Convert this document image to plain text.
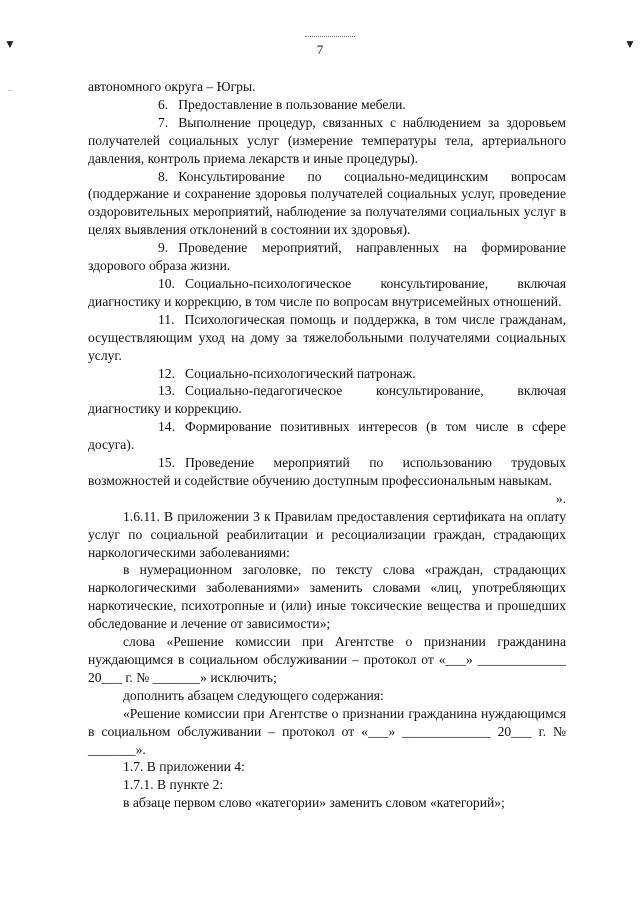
▼	▼
7

автономного округа – Югры.

6. Предоставление в пользование мебели.

7. Выполнение процедур, связанных с наблюдением за здоровьем получателей социальных услуг (измерение температуры тела, артериального давления, контроль приема лекарств и иные процедуры).

8. Консультирование по социально-медицинским вопросам (поддержание и сохранение здоровья получателей социальных услуг, проведение оздоровительных мероприятий, наблюдение за получателями социальных услуг в целях выявления отклонений в состоянии их здоровья).

9. Проведение мероприятий, направленных на формирование здорового образа жизни.

10. Социально-психологическое консультирование, включая диагностику и коррекцию, в том числе по вопросам внутрисемейных отношений.

11. Психологическая помощь и поддержка, в том числе гражданам, осуществляющим уход на дому за тяжелобольными получателями социальных услуг.

12. Социально-психологический патронаж.

13. Социально-педагогическое консультирование, включая диагностику и коррекцию.

14. Формирование позитивных интересов (в том числе в сфере досуга).

15. Проведение мероприятий по использованию трудовых возможностей и содействие обучению доступным профессиональным навыкам.

».

1.6.11. В приложении 3 к Правилам предоставления сертификата на оплату услуг по социальной реабилитации и ресоциализации граждан, страдающих наркологическими заболеваниями:

в нумерационном заголовке, по тексту слова «граждан, страдающих наркологическими заболеваниями» заменить словами «лиц, употребляющих наркотические, психотропные и (или) иные токсические вещества и прошедших обследование и лечение от зависимости»;

слова «Решение комиссии при Агентстве о признании гражданина нуждающимся в социальном обслуживании – протокол от «___» _____________ 20___ г. № _______» исключить;

дополнить абзацем следующего содержания:

«Решение комиссии при Агентстве о признании гражданина нуждающимся в социальном обслуживании – протокол от «___» _____________ 20___ г. № _______».

1.7. В приложении 4:

1.7.1. В пункте 2:

в абзаце первом слово «категории» заменить словом «категорий»;
